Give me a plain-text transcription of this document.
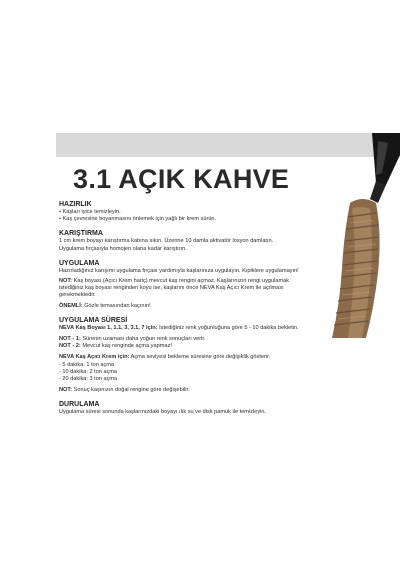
3.1 AÇIK KAHVE

HAZIRLIK

• Kaşları iyice temizleyin.

• Kaş çevresine boyanmasını önlemek için yağlı bir krem sürün.

KARIŞTIRMA

1 cm krem boyayı karıştırma kabına sıkın. Üzerine 10 damla aktivatör losyon damlatın.

Uygulama fırçasıyla homojen olana kadar karıştırın.

UYGULAMA

Hazırladığınız karışımı uygulama fırçası yardımıyla kaşlarınıza uygulayın. Kıpiklere uygulamayın!

NOT: Kaş boyası (Açıcı Krem hariç) mevcut kaş rengini açmaz. Kaşlarınızın rengi uygulamak istediğiniz kaş boyası renginden koyu ise, kaşlarını önce NEVA Kaş Açıcı Krem ile açılması gerekmektedir.

ÖNEMLİ: Gözle temasından kaçının!

UYGULAMA SÜRESİ

NEVA Kaş Boyası 1, 1.1, 3, 3.1, 7 için: İstediğiniz renk yoğunluğuna göre 5 - 10 dakika bekletin.

NOT - 1: Sürenin uzaması daha yoğun renk sonuçları verir.

NOT - 2: Mevcut kaş renginde açma yapmaz!

NEVA Kaş Açıcı Krem için: Açma seviyesi bekleme süresine göre değişiklik gösterir.

- 5 dakika: 1 ton açma

- 10 dakika: 2 ton açma

- 20 dakika: 3 ton açma

NOT: Sonuç kaşınızın doğal rengine göre değişebilir.

DURULAMA

Uygulama süresi sonunda kaşlarınızdaki boyayı ılık su ve disk pamuk ile temizleyin.
